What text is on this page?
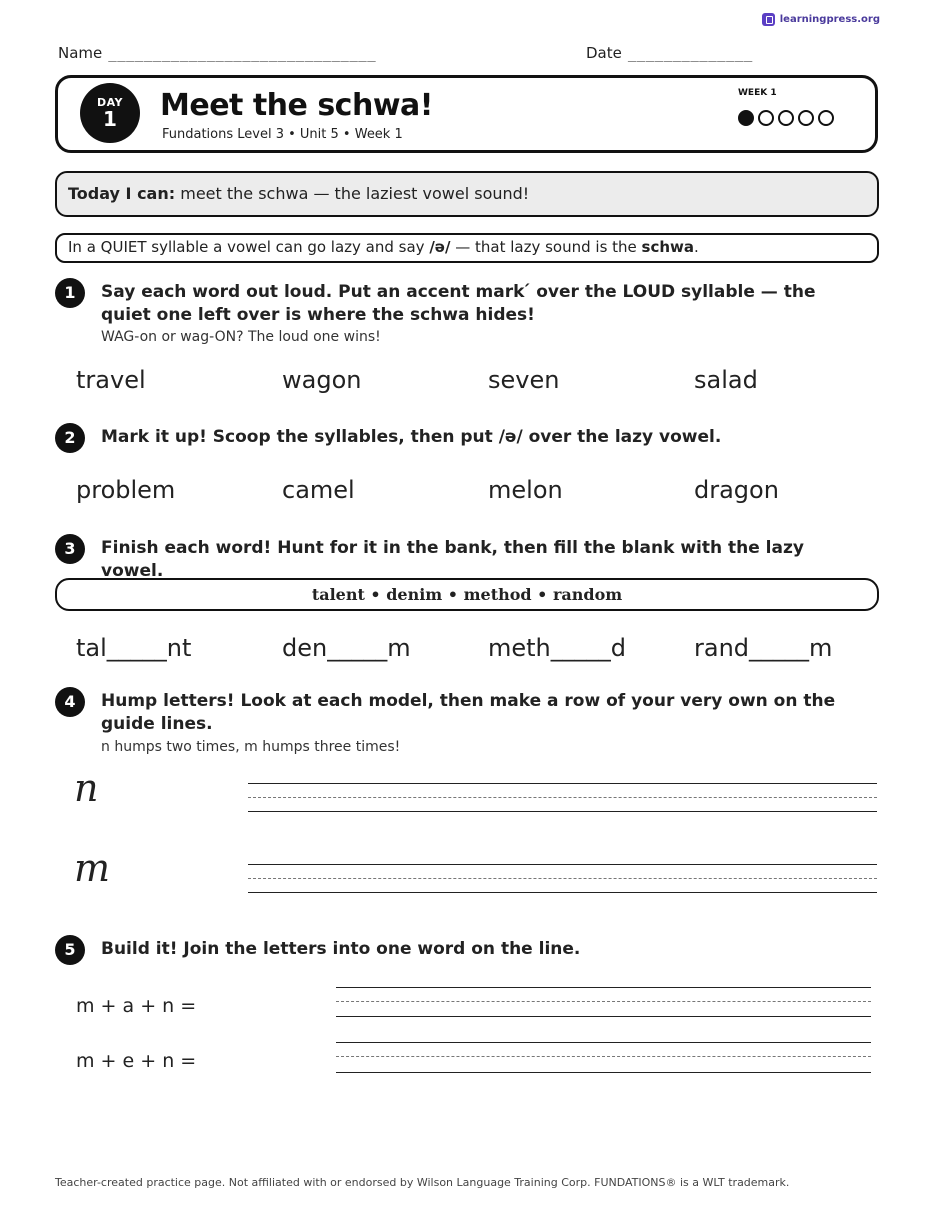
learningpress.org
Name ______________________________	Date ______________
DAY
1	Meet the schwa!
Fundations Level 3 • Unit 5 • Week 1
WEEK 1
Today I can: meet the schwa — the laziest vowel sound!
In a QUIET syllable a vowel can go lazy and say /ə/ — that lazy sound is the schwa.
1	Say each word out loud. Put an accent mark ́ over the LOUD syllable — the quiet one left over is where the schwa hides!
WAG-on or wag-ON? The loud one wins!
travel	wagon	seven	salad
2	Mark it up! Scoop the syllables, then put /ə/ over the lazy vowel.
problem	camel	melon	dragon
3	Finish each word! Hunt for it in the bank, then fill the blank with the lazy vowel.
talent • denim • method • random
tal_____nt	den_____m	meth_____d	rand_____m
4	Hump letters! Look at each model, then make a row of your very own on the guide lines.
n humps two times, m humps three times!
n
m
5	Build it! Join the letters into one word on the line.
m + a + n =
m + e + n =
Teacher-created practice page. Not affiliated with or endorsed by Wilson Language Training Corp. FUNDATIONS® is a WLT trademark.
